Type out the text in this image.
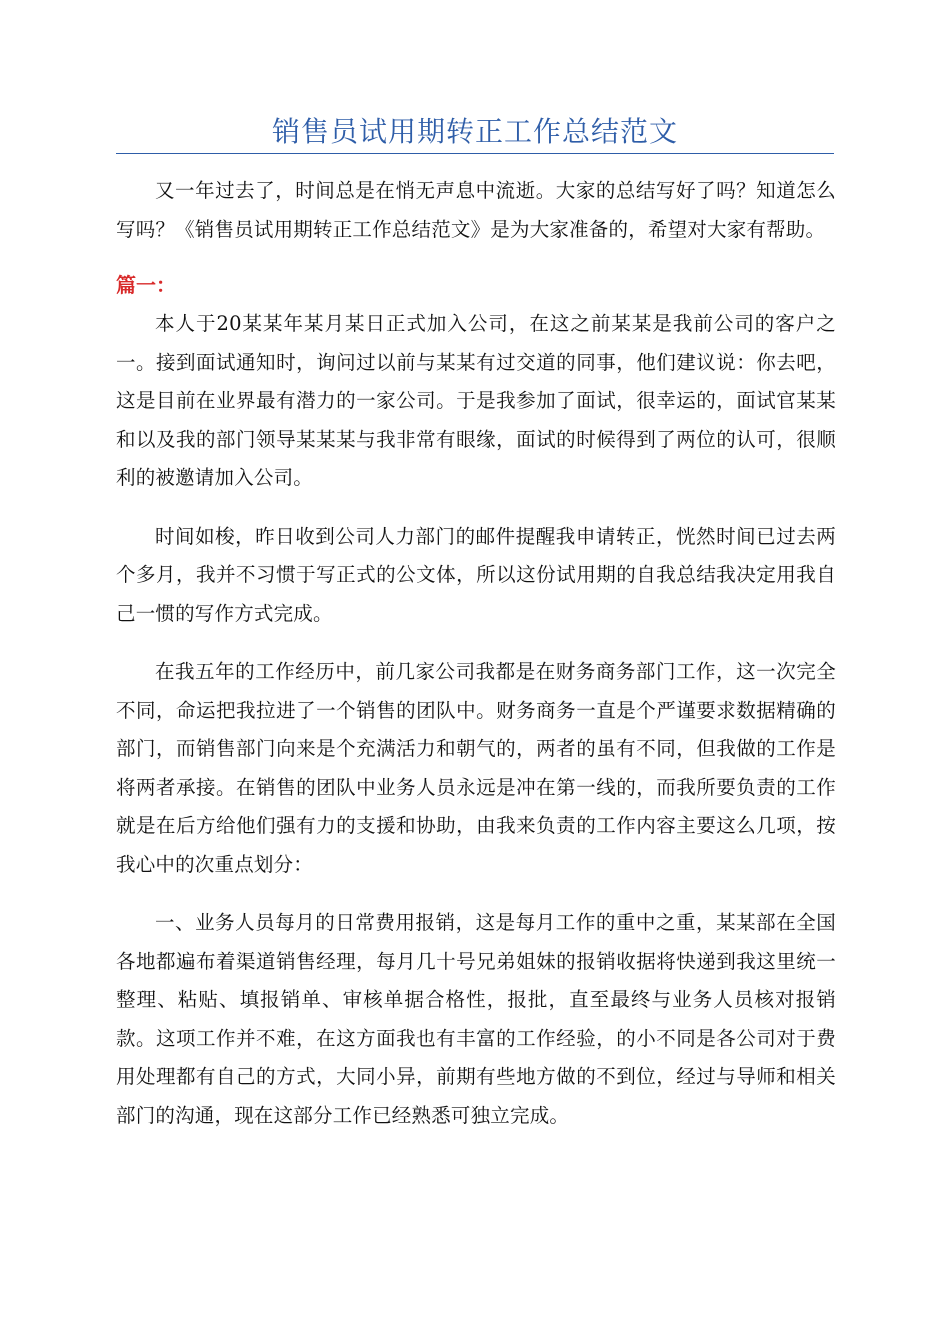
销售员试用期转正工作总结范文

又一年过去了，时间总是在悄无声息中流逝。大家的总结写好了吗？知道怎么写吗？《销售员试用期转正工作总结范文》是为大家准备的，希望对大家有帮助。

篇一：

本人于20某某年某月某日正式加入公司，在这之前某某是我前公司的客户之一。接到面试通知时，询问过以前与某某有过交道的同事，他们建议说：你去吧，这是目前在业界最有潜力的一家公司。于是我参加了面试，很幸运的，面试官某某和以及我的部门领导某某某与我非常有眼缘，面试的时候得到了两位的认可，很顺利的被邀请加入公司。

时间如梭，昨日收到公司人力部门的邮件提醒我申请转正，恍然时间已过去两个多月，我并不习惯于写正式的公文体，所以这份试用期的自我总结我决定用我自己一惯的写作方式完成。

在我五年的工作经历中，前几家公司我都是在财务商务部门工作，这一次完全不同，命运把我拉进了一个销售的团队中。财务商务一直是个严谨要求数据精确的部门，而销售部门向来是个充满活力和朝气的，两者的虽有不同，但我做的工作是将两者承接。在销售的团队中业务人员永远是冲在第一线的，而我所要负责的工作就是在后方给他们强有力的支援和协助，由我来负责的工作内容主要这么几项，按我心中的次重点划分：

一、业务人员每月的日常费用报销，这是每月工作的重中之重，某某部在全国各地都遍布着渠道销售经理，每月几十号兄弟姐妹的报销收据将快递到我这里统一整理、粘贴、填报销单、审核单据合格性，报批，直至最终与业务人员核对报销款。这项工作并不难，在这方面我也有丰富的工作经验，的小不同是各公司对于费用处理都有自己的方式，大同小异，前期有些地方做的不到位，经过与导师和相关部门的沟通，现在这部分工作已经熟悉可独立完成。
